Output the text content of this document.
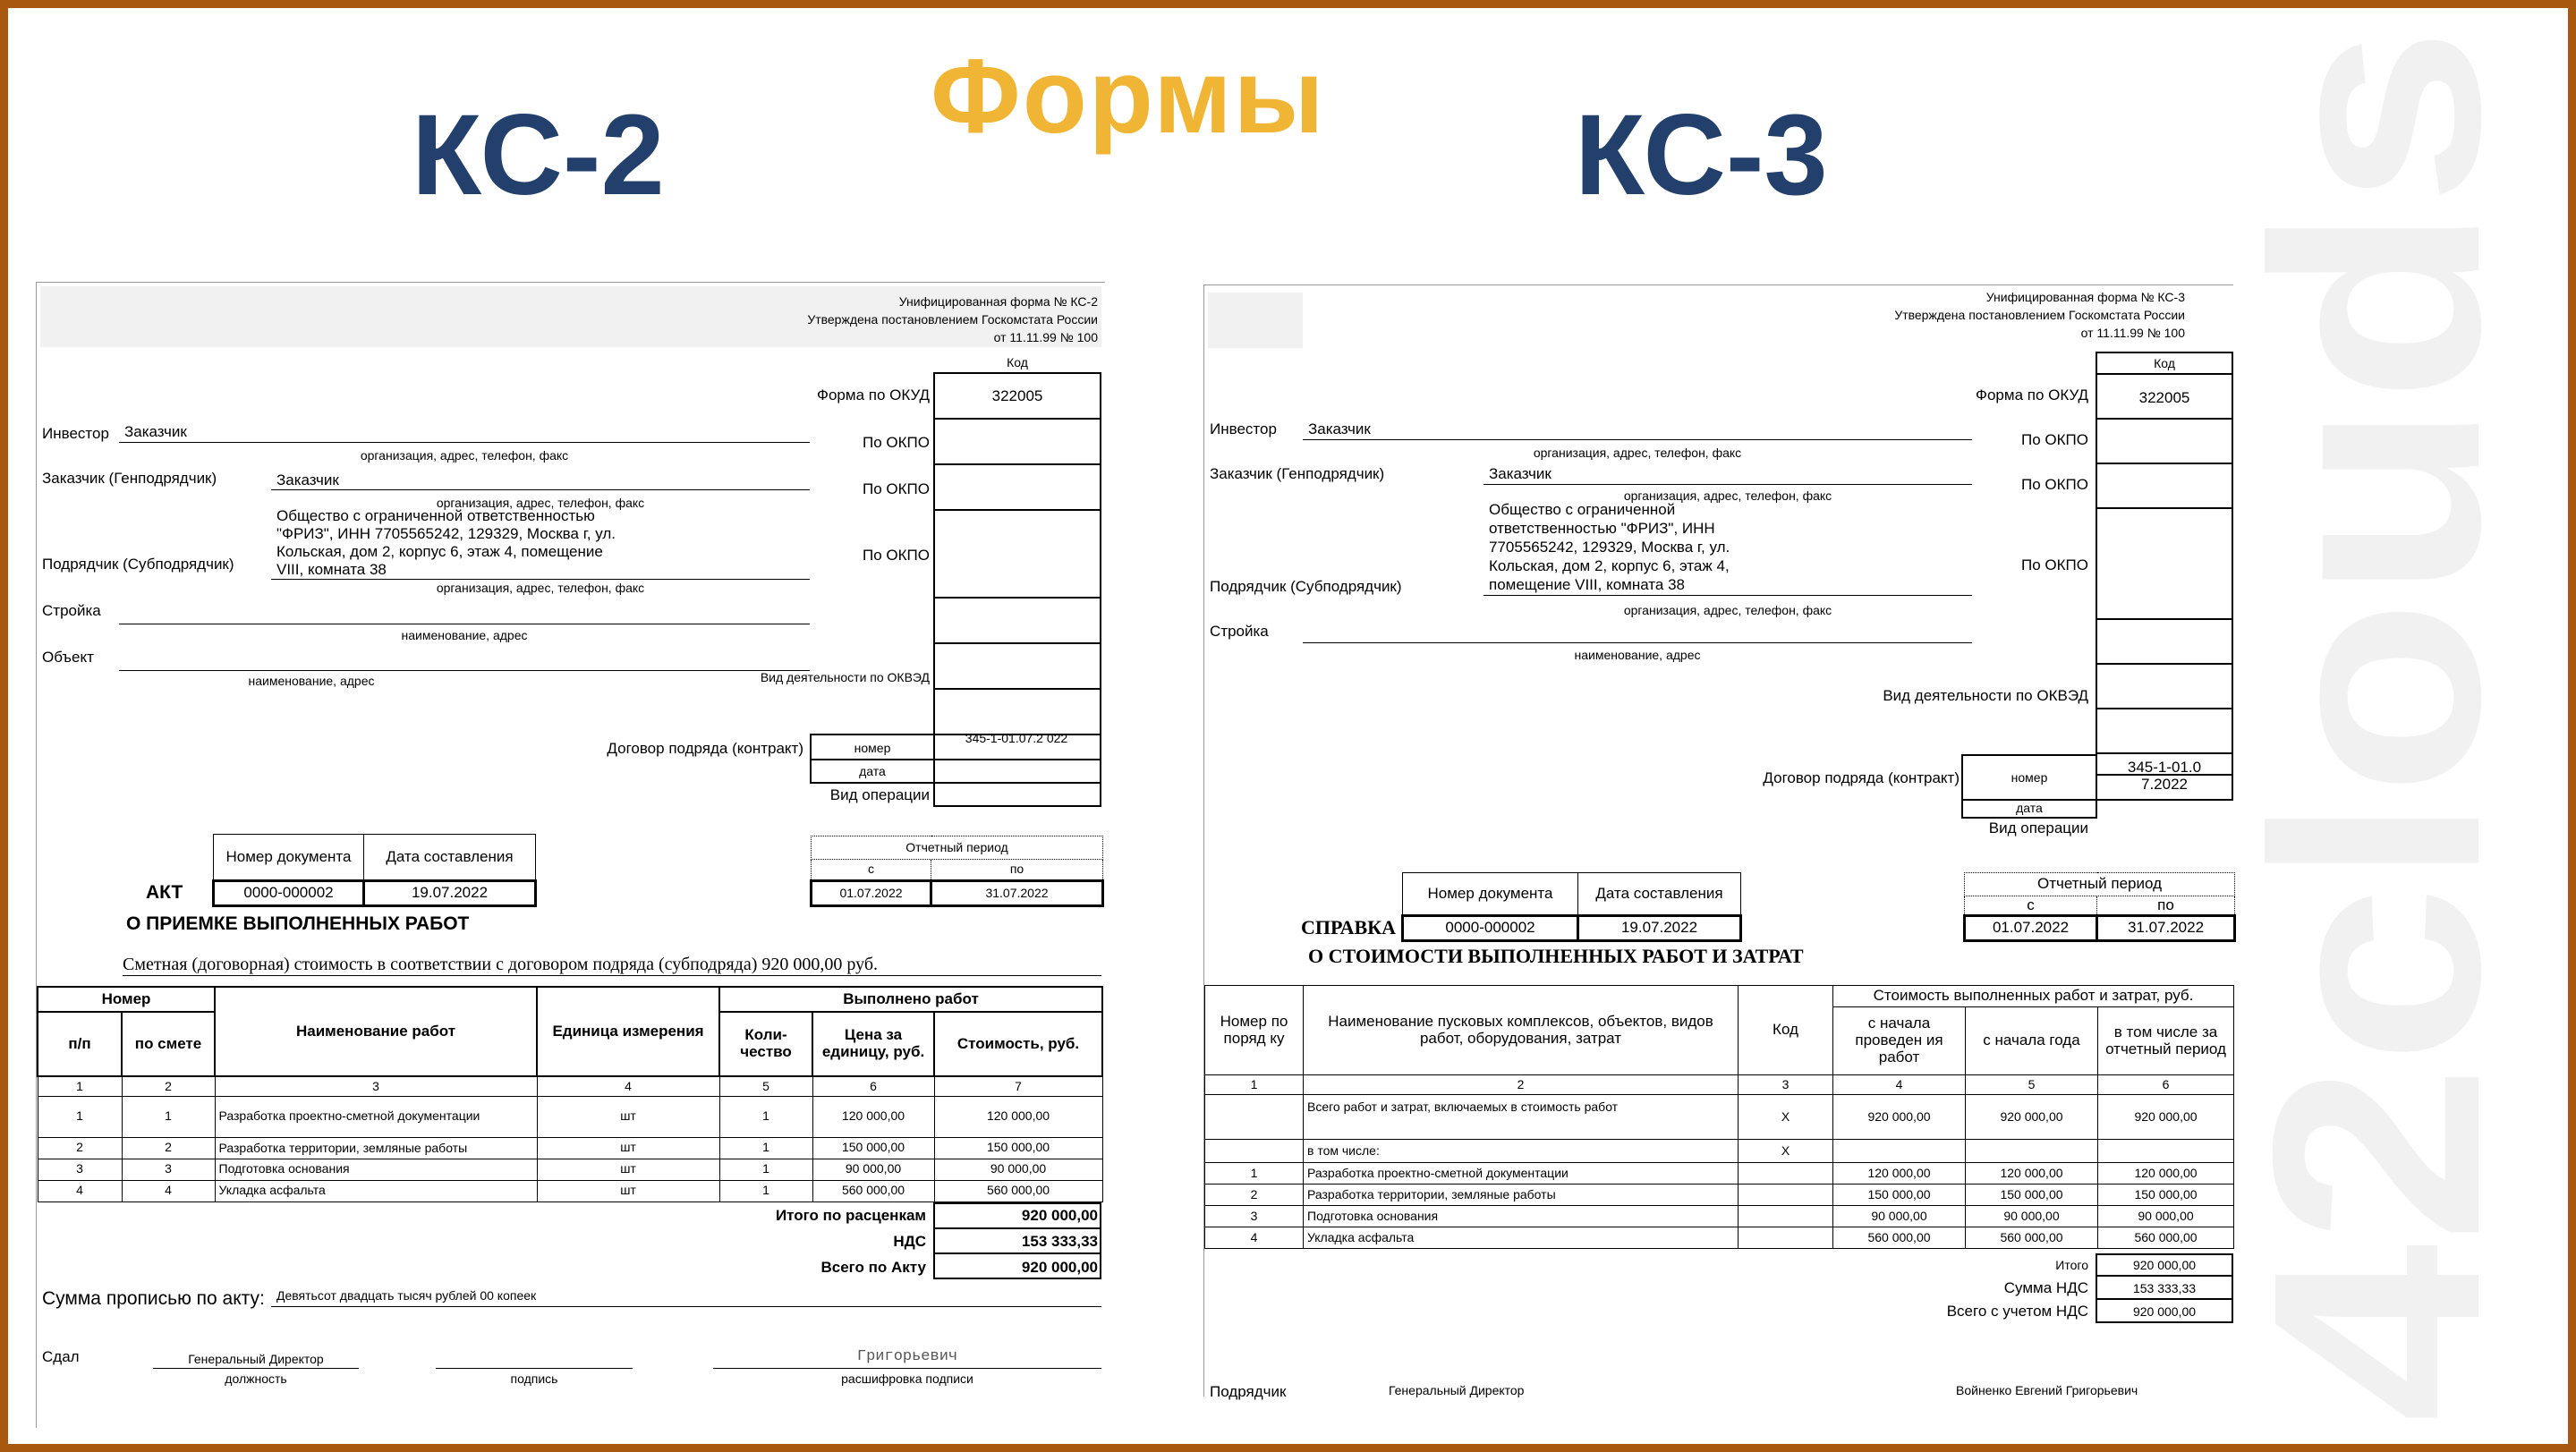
Формы
КС-2	КС-3 42clouds
Унифицированная форма № КС-2
Утверждена постановлением Госкомстата России
от 11.11.99 № 100
Код
322005
Форма по ОКУД
По ОКПО
По ОКПО
По ОКПО
Инвестор Заказчик
организация, адрес, телефон, факс
Заказчик (Генподрядчик)	Заказчик
организация, адрес, телефон, факс
Общество с ограниченной ответственностью
"ФРИЗ", ИНН 7705565242, 129329, Москва г, ул.
Кольская, дом 2, корпус 6, этаж 4, помещение
VIII, комната 38
Подрядчик (Субподрядчик)
организация, адрес, телефон, факс
Стройка
наименование, адрес
Объект
наименование, адрес	Вид деятельности по ОКВЭД
Договор подряда (контракт)	номер
345-1-01.07.2 022
дата
Вид операции
Номер документа	Дата составления
0000-000002	19.07.2022
АКТ
О ПРИЕМКЕ ВЫПОЛНЕННЫХ РАБОТ
Отчетный период	
с	по
01.07.2022	31.07.2022
Сметная (договорная) стоимость в соответствии с договором подряда (субподряда) 920 000,00 руб.
Номер		Наименование работ	Единица измерения	Выполнено работ		
п/п	по смете			Коли- чество	Цена за единицу, руб.	Стоимость, руб.
1	2	3	4	5	6	7
1	1	Разработка проектно-сметной документации	шт	1	120 000,00	120 000,00
2	2	Разработка территории, земляные работы	шт	1	150 000,00	150 000,00
3	3	Подготовка основания	шт	1	90 000,00	90 000,00
4	4	Укладка асфальта	шт	1	560 000,00	560 000,00
Итого по расценкам	920 000,00
НДС	153 333,33
Всего по Акту	920 000,00
Сумма прописью по акту: Девятьсот двадцать тысяч рублей 00 копеек
Сдал	Генеральный Директор
должность	подпись
Григорьевич
расшифровка подписи
Унифицированная форма № КС-3
Утверждена постановлением Госкомстата России
от 11.11.99 № 100
Код
322005
Форма по ОКУД
По ОКПО
По ОКПО
По ОКПО
Инвестор Заказчик
организация, адрес, телефон, факс
Заказчик (Генподрядчик)	Заказчик
организация, адрес, телефон, факс
Общество с ограниченной
ответственностью "ФРИЗ", ИНН
7705565242, 129329, Москва г, ул.
Кольская, дом 2, корпус 6, этаж 4,
помещение VIII, комната 38
Подрядчик (Субподрядчик)
организация, адрес, телефон, факс
Стройка
наименование, адрес
Вид деятельности по ОКВЭД
Договор подряда (контракт)	номер
345-1-01.0 7.2022
дата
Вид операции
Номер документа	Дата составления
0000-000002	19.07.2022
СПРАВКА
О СТОИМОСТИ ВЫПОЛНЕННЫХ РАБОТ И ЗАТРАТ
Отчетный период	
с	по
01.07.2022	31.07.2022
Номер по поряд ку	Наименование пусковых комплексов, объектов, видов работ, оборудования, затрат	Код	Стоимость выполненных работ и затрат, руб.		
			с начала проведен ия работ	с начала года	в том числе за отчетный период
1	2	3	4	5	6
	Всего работ и затрат, включаемых в стоимость работ	Х	920 000,00	920 000,00	920 000,00
	в том числе:	Х			
1	Разработка проектно-сметной документации		120 000,00	120 000,00	120 000,00
2	Разработка территории, земляные работы		150 000,00	150 000,00	150 000,00
3	Подготовка основания		90 000,00	90 000,00	90 000,00
4	Укладка асфальта		560 000,00	560 000,00	560 000,00
Итого	920 000,00
Сумма НДС	153 333,33
Всего с учетом НДС	920 000,00
Подрядчик	Генеральный Директор	Войненко Евгений Григорьевич
